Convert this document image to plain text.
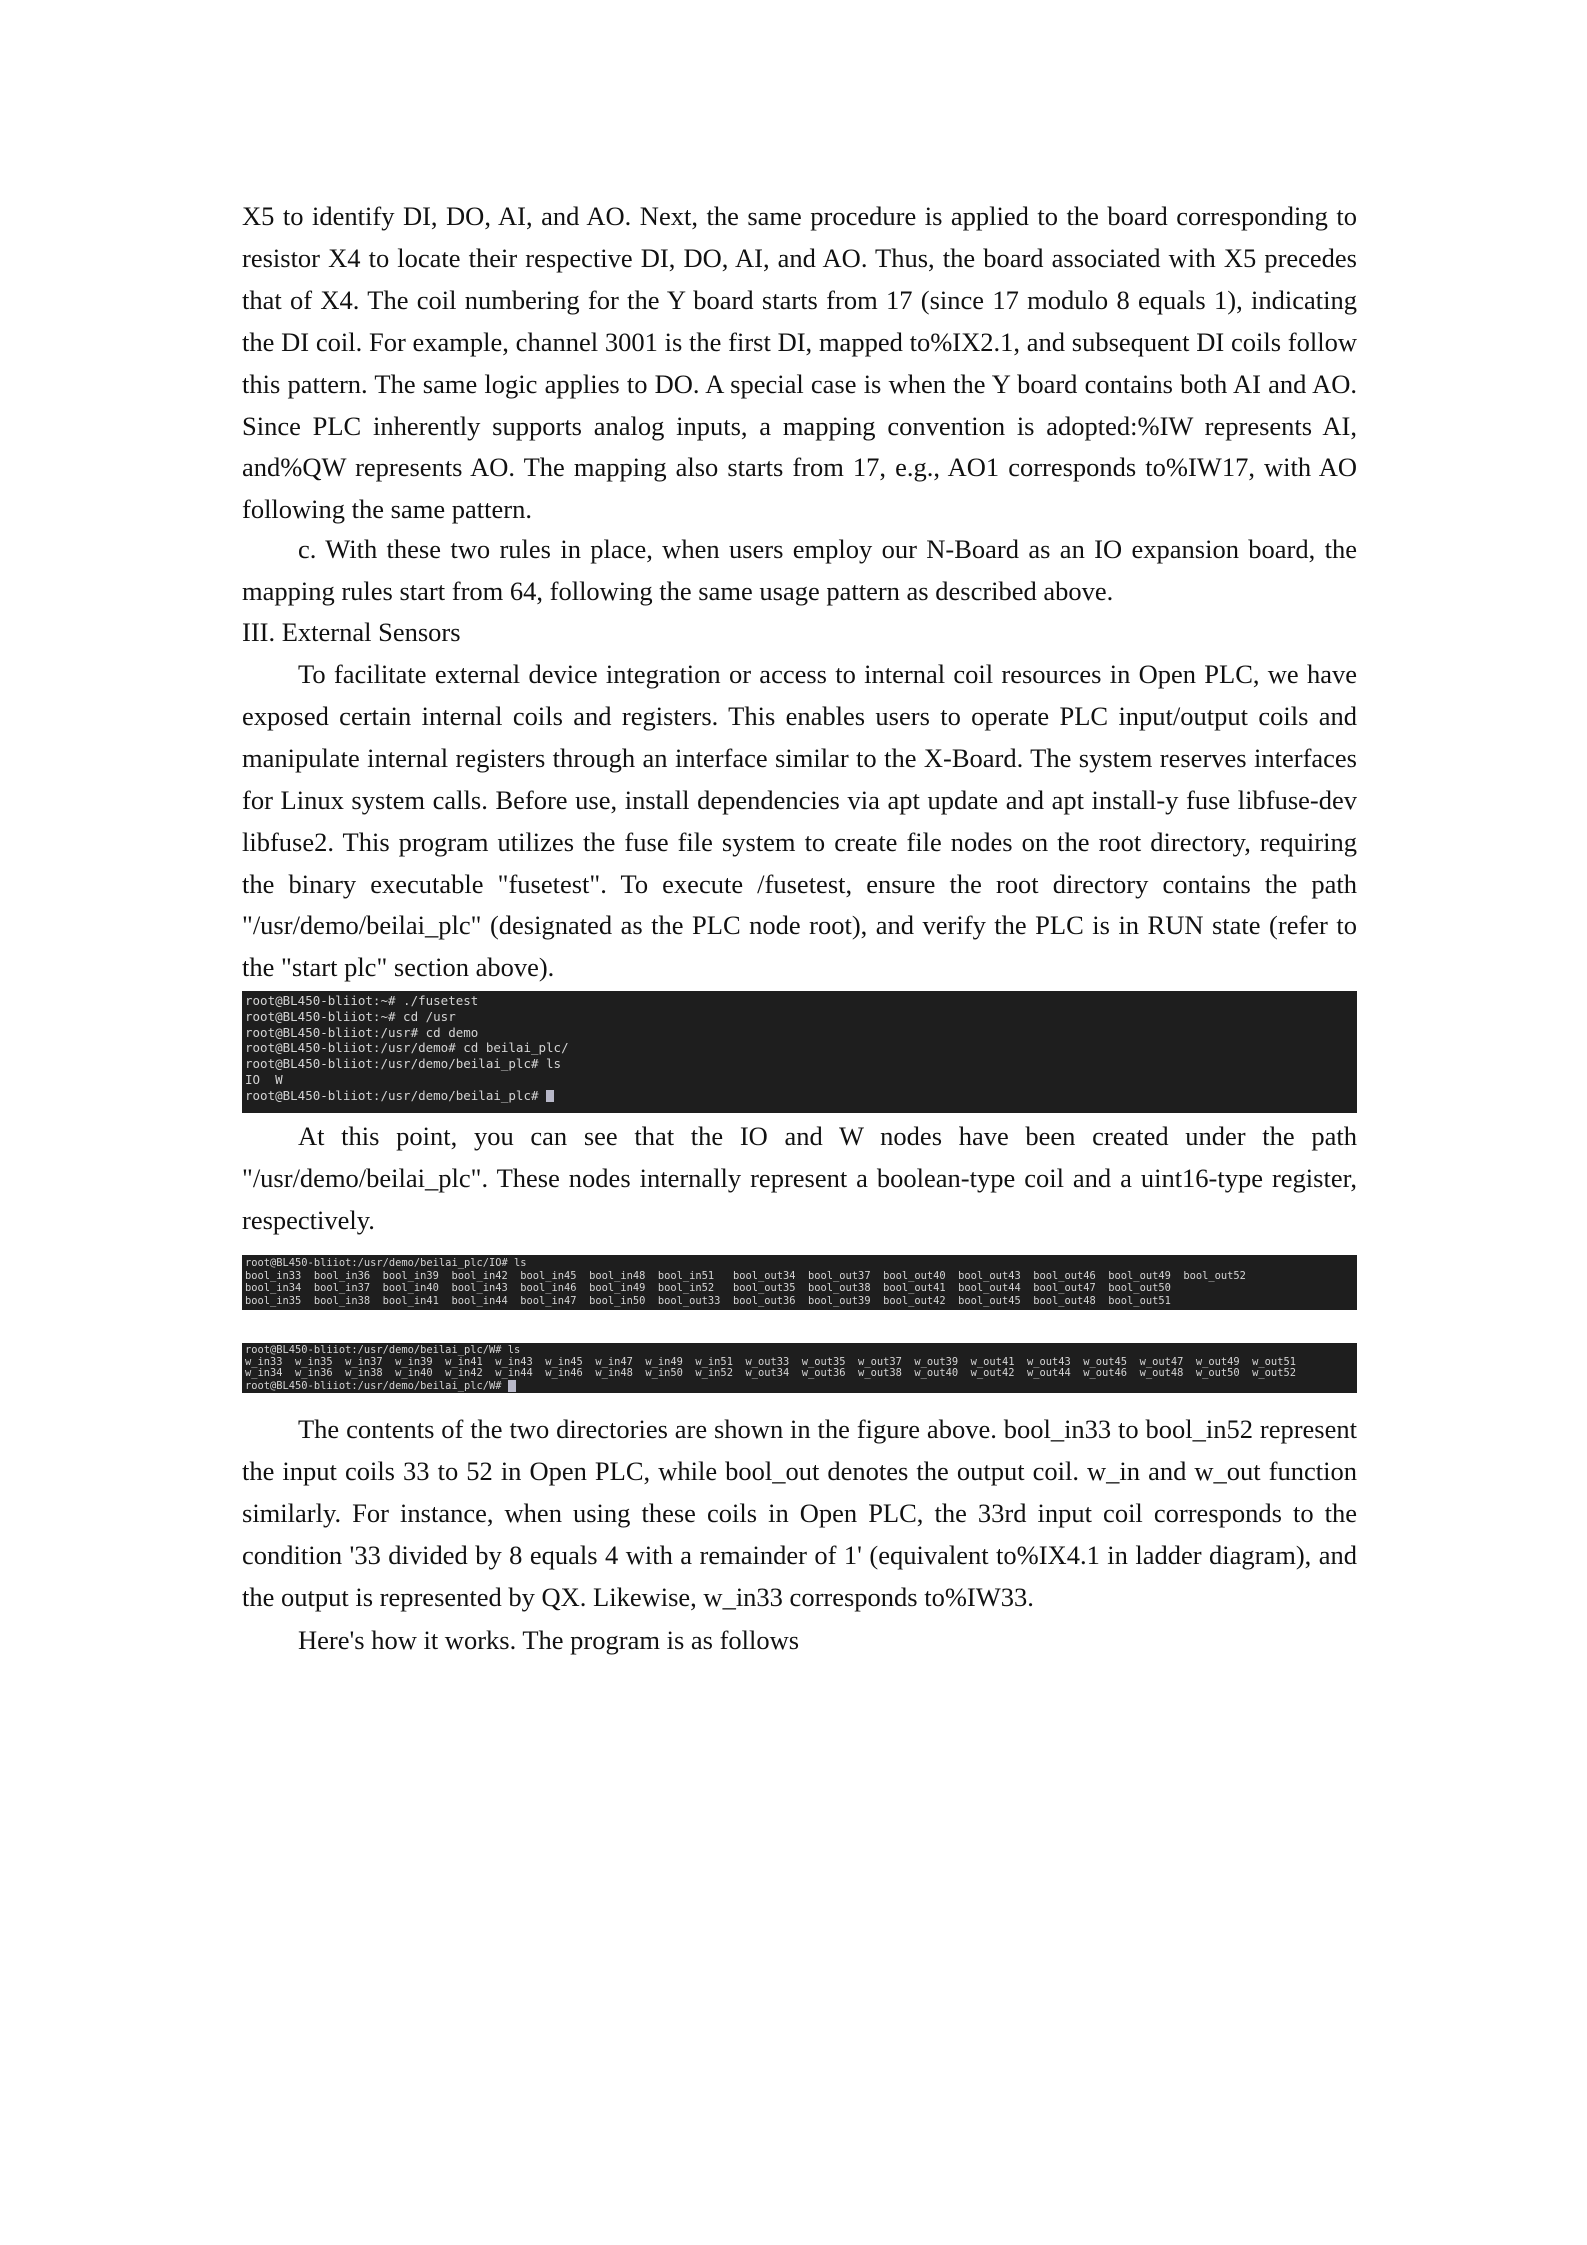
X5 to identify DI, DO, AI, and AO. Next, the same procedure is applied to the board corresponding to resistor X4 to locate their respective DI, DO, AI, and AO. Thus, the board associated with X5 precedes that of X4. The coil numbering for the Y board starts from 17 (since 17 modulo 8 equals 1), indicating the DI coil. For example, channel 3001 is the first DI, mapped to%IX2.1, and subsequent DI coils follow this pattern. The same logic applies to DO. A special case is when the Y board contains both AI and AO. Since PLC inherently supports analog inputs, a mapping convention is adopted:%IW represents AI, and%QW represents AO. The mapping also starts from 17, e.g., AO1 corresponds to%IW17, with AO following the same pattern.

c. With these two rules in place, when users employ our N-Board as an IO expansion board, the mapping rules start from 64, following the same usage pattern as described above.

III. External Sensors

To facilitate external device integration or access to internal coil resources in Open PLC, we have exposed certain internal coils and registers. This enables users to operate PLC input/output coils and manipulate internal registers through an interface similar to the X-Board. The system reserves interfaces for Linux system calls. Before use, install dependencies via apt update and apt install-y fuse libfuse-dev libfuse2. This program utilizes the fuse file system to create file nodes on the root directory, requiring the binary executable "fusetest". To execute /fusetest, ensure the root directory contains the path "/usr/demo/beilai_plc" (designated as the PLC node root), and verify the PLC is in RUN state (refer to the "start plc" section above).

root@BL450-bliiot:~# ./fusetest
root@BL450-bliiot:~# cd /usr
root@BL450-bliiot:/usr# cd demo
root@BL450-bliiot:/usr/demo# cd beilai_plc/
root@BL450-bliiot:/usr/demo/beilai_plc# ls
IO  W
root@BL450-bliiot:/usr/demo/beilai_plc#

At this point, you can see that the IO and W nodes have been created under the path "/usr/demo/beilai_plc". These nodes internally represent a boolean-type coil and a uint16-type register, respectively.

root@BL450-bliiot:/usr/demo/beilai_plc/IO# ls
bool_in33  bool_in36  bool_in39  bool_in42  bool_in45  bool_in48  bool_in51   bool_out34  bool_out37  bool_out40  bool_out43  bool_out46  bool_out49  bool_out52
bool_in34  bool_in37  bool_in40  bool_in43  bool_in46  bool_in49  bool_in52   bool_out35  bool_out38  bool_out41  bool_out44  bool_out47  bool_out50
bool_in35  bool_in38  bool_in41  bool_in44  bool_in47  bool_in50  bool_out33  bool_out36  bool_out39  bool_out42  bool_out45  bool_out48  bool_out51
root@BL450-bliiot:/usr/demo/beilai_plc/W# ls
w_in33  w_in35  w_in37  w_in39  w_in41  w_in43  w_in45  w_in47  w_in49  w_in51  w_out33  w_out35  w_out37  w_out39  w_out41  w_out43  w_out45  w_out47  w_out49  w_out51
w_in34  w_in36  w_in38  w_in40  w_in42  w_in44  w_in46  w_in48  w_in50  w_in52  w_out34  w_out36  w_out38  w_out40  w_out42  w_out44  w_out46  w_out48  w_out50  w_out52
root@BL450-bliiot:/usr/demo/beilai_plc/W#

The contents of the two directories are shown in the figure above. bool_in33 to bool_in52 represent the input coils 33 to 52 in Open PLC, while bool_out denotes the output coil. w_in and w_out function similarly. For instance, when using these coils in Open PLC, the 33rd input coil corresponds to the condition '33 divided by 8 equals 4 with a remainder of 1' (equivalent to%IX4.1 in ladder diagram), and the output is represented by QX. Likewise, w_in33 corresponds to%IW33.

Here's how it works. The program is as follows
